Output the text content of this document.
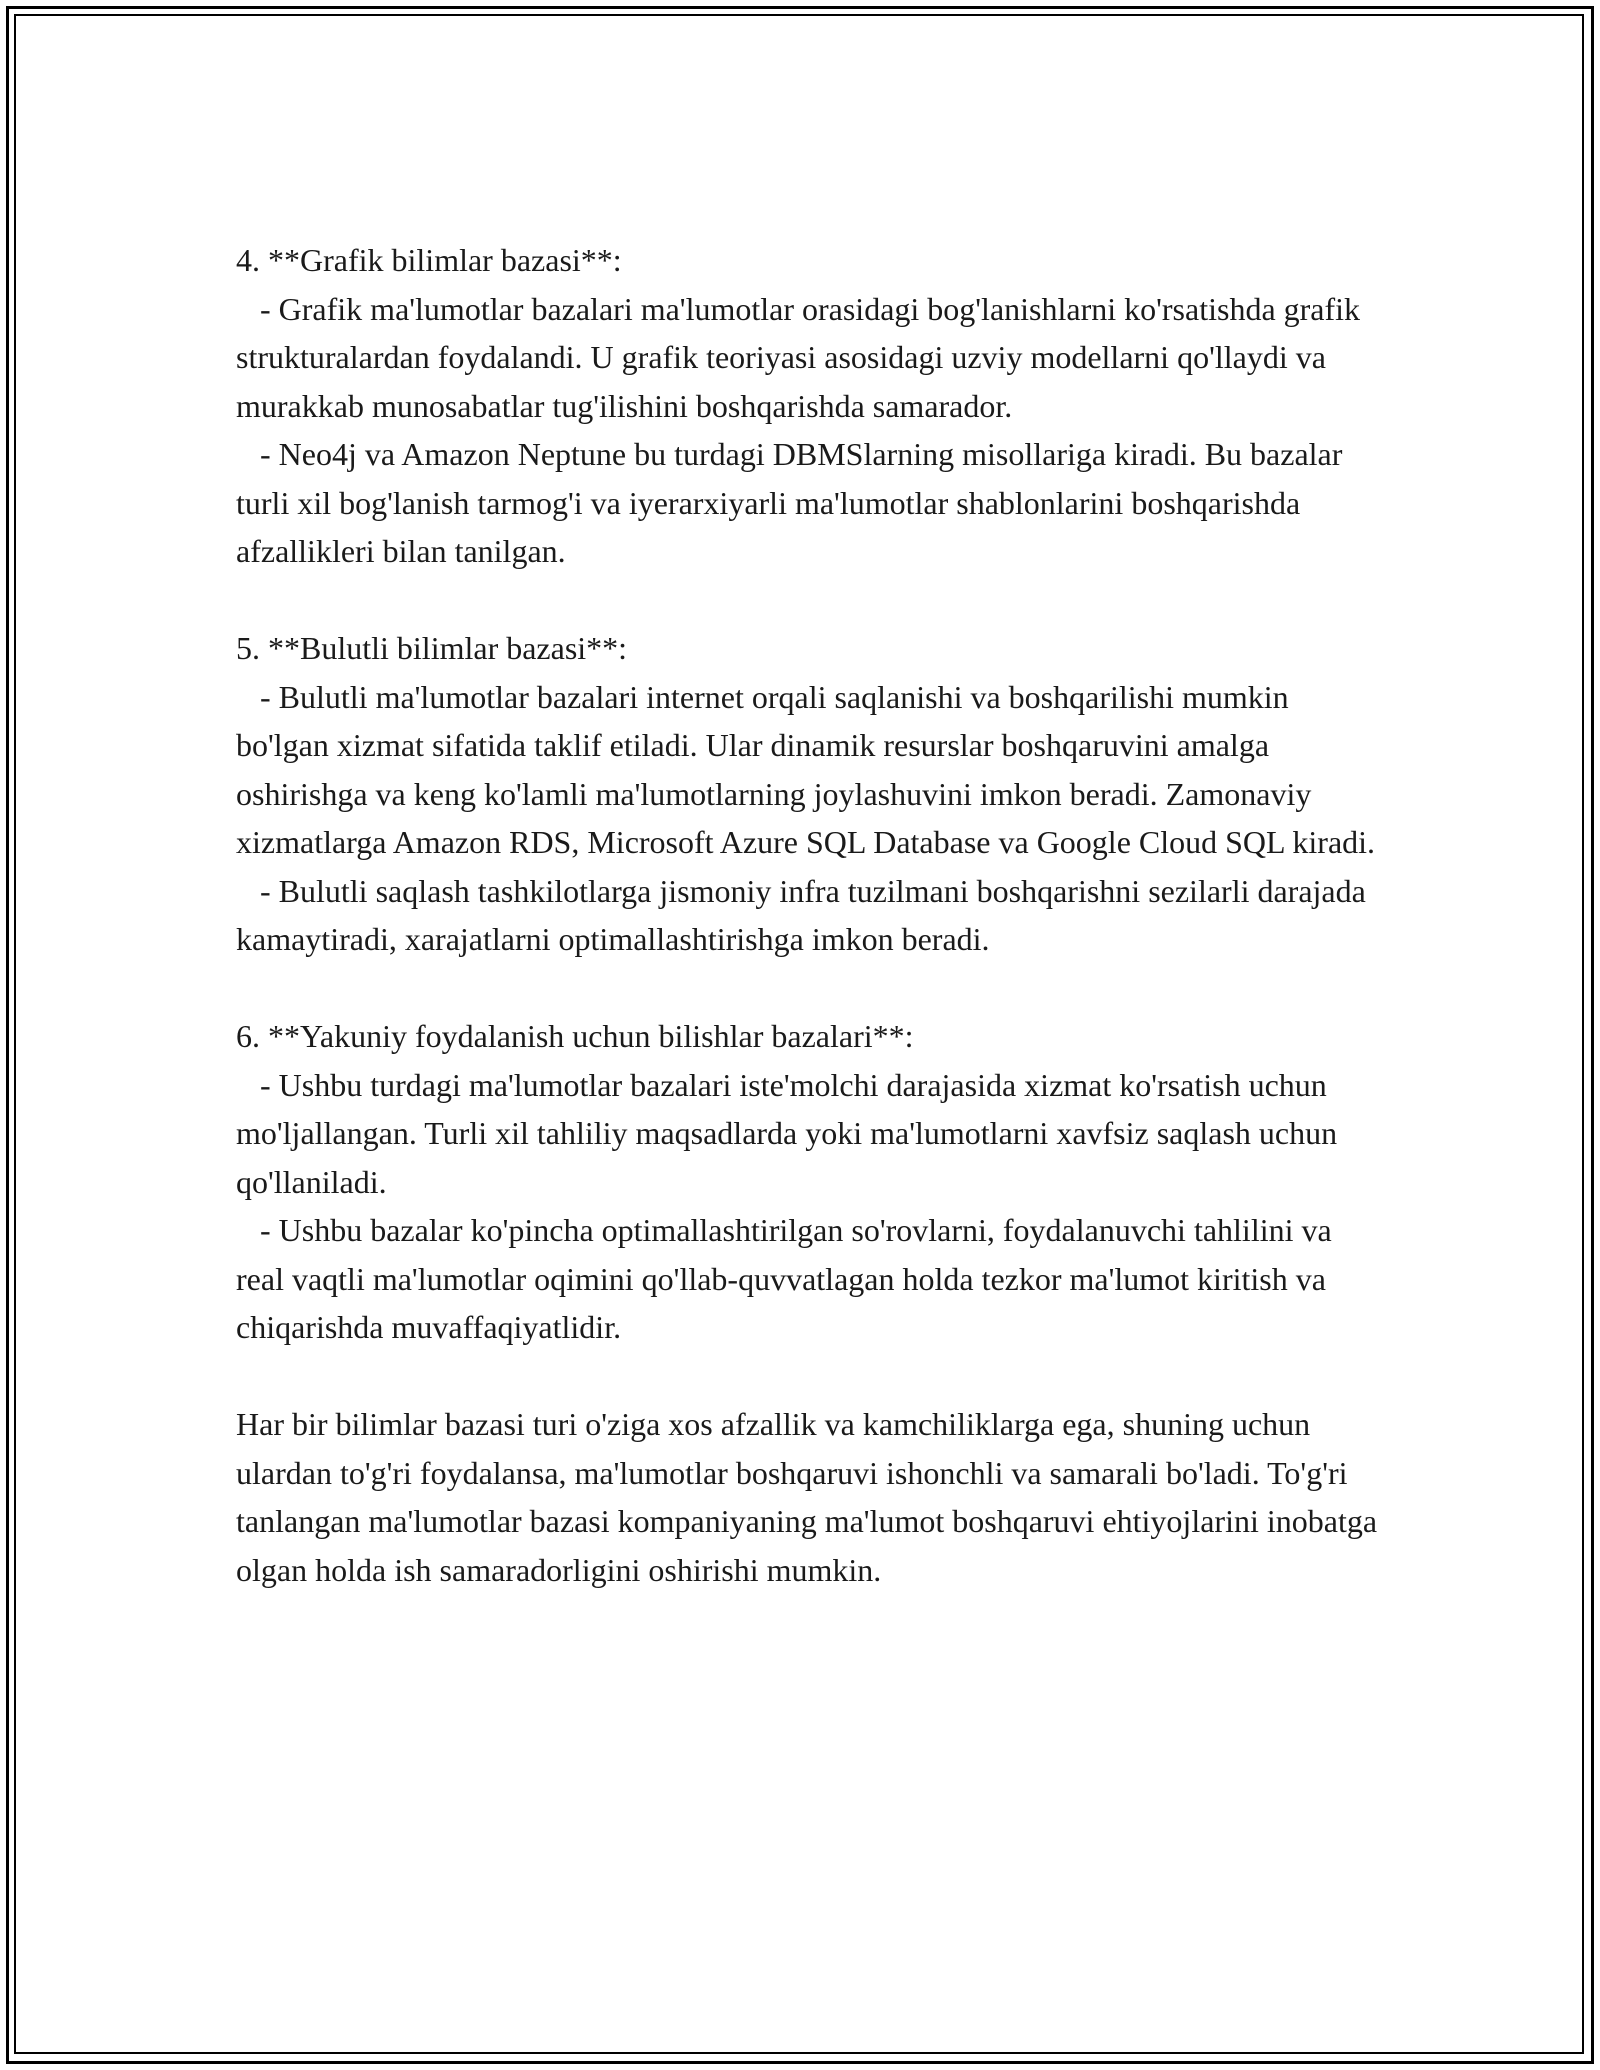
4. **Grafik bilimlar bazasi**:

- Grafik ma'lumotlar bazalari ma'lumotlar orasidagi bog'lanishlarni ko'rsatishda grafik strukturalardan foydalandi. U grafik teoriyasi asosidagi uzviy modellarni qo'llaydi va murakkab munosabatlar tug'ilishini boshqarishda samarador.

- Neo4j va Amazon Neptune bu turdagi DBMSlarning misollariga kiradi. Bu bazalar turli xil bog'lanish tarmog'i va iyerarxiyarli ma'lumotlar shablonlarini boshqarishda afzallikleri bilan tanilgan.

5. **Bulutli bilimlar bazasi**:

- Bulutli ma'lumotlar bazalari internet orqali saqlanishi va boshqarilishi mumkin bo'lgan xizmat sifatida taklif etiladi. Ular dinamik resurslar boshqaruvini amalga oshirishga va keng ko'lamli ma'lumotlarning joylashuvini imkon beradi. Zamonaviy xizmatlarga Amazon RDS, Microsoft Azure SQL Database va Google Cloud SQL kiradi.

- Bulutli saqlash tashkilotlarga jismoniy infra tuzilmani boshqarishni sezilarli darajada kamaytiradi, xarajatlarni optimallashtirishga imkon beradi.

6. **Yakuniy foydalanish uchun bilishlar bazalari**:

- Ushbu turdagi ma'lumotlar bazalari iste'molchi darajasida xizmat ko'rsatish uchun mo'ljallangan. Turli xil tahliliy maqsadlarda yoki ma'lumotlarni xavfsiz saqlash uchun qo'llaniladi.

- Ushbu bazalar ko'pincha optimallashtirilgan so'rovlarni, foydalanuvchi tahlilini va real vaqtli ma'lumotlar oqimini qo'llab-quvvatlagan holda tezkor ma'lumot kiritish va chiqarishda muvaffaqiyatlidir.

Har bir bilimlar bazasi turi o'ziga xos afzallik va kamchiliklarga ega, shuning uchun ulardan to'g'ri foydalansa, ma'lumotlar boshqaruvi ishonchli va samarali bo'ladi. To'g'ri tanlangan ma'lumotlar bazasi kompaniyaning ma'lumot boshqaruvi ehtiyojlarini inobatga olgan holda ish samaradorligini oshirishi mumkin.
